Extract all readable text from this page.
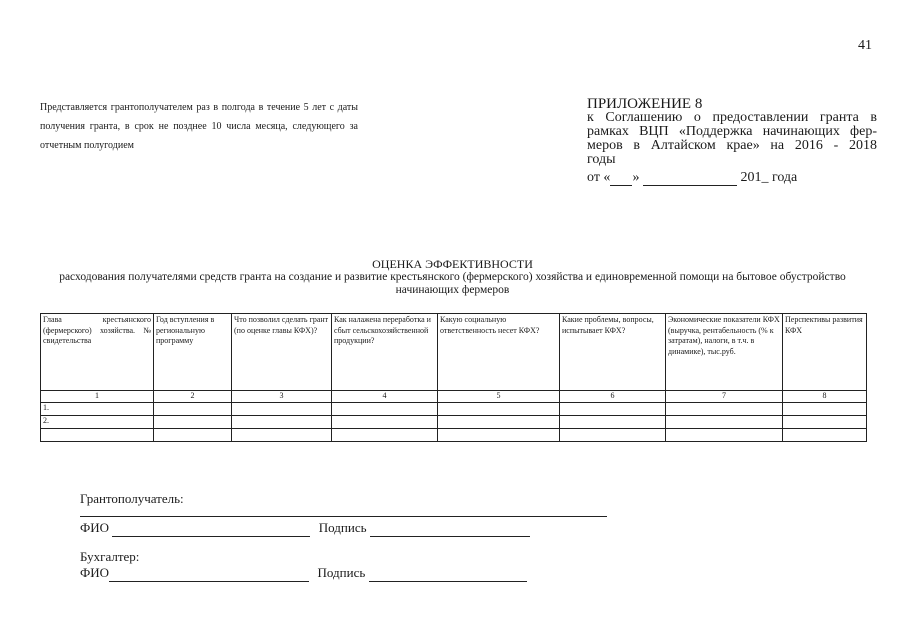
41
Представляется грантополучателем раз в полгода в течение 5 лет с даты получения гранта, в срок не позднее 10 числа месяца, следующего за отчетным полугодием
ПРИЛОЖЕНИЕ 8
к Соглашению о предоставлении гранта в
рамках ВЦП «Поддержка начинающих фер-
меров в Алтайском крае» на 2016 - 2018
годы
от « »	201_ года
ОЦЕНКА ЭФФЕКТИВНОСТИ
расходования получателями средств гранта на создание и развитие крестьянского (фермерского) хозяйства и единовременной помощи на бытовое обустройство начинающих фермеров
Глава крестьянского (фермерского) хозяйства. № свидетельства	Год вступления в региональную программу	Что позволил сделать грант (по оценке главы КФХ)?	Как налажена переработка и сбыт сельскохозяйственной продукции?	Какую социальную ответственность несет КФХ?	Какие проблемы, вопросы, испытывает КФХ?	Экономические показатели КФХ (выручка, рентабельность (% к затратам), налоги, в т.ч. в динамике), тыс.руб.	Перспективы развития КФХ
1	2	3	4	5	6	7	8
1.							
2.							

Грантополучатель:
ФИО	Подпись
Бухгалтер:
ФИО	Подпись
